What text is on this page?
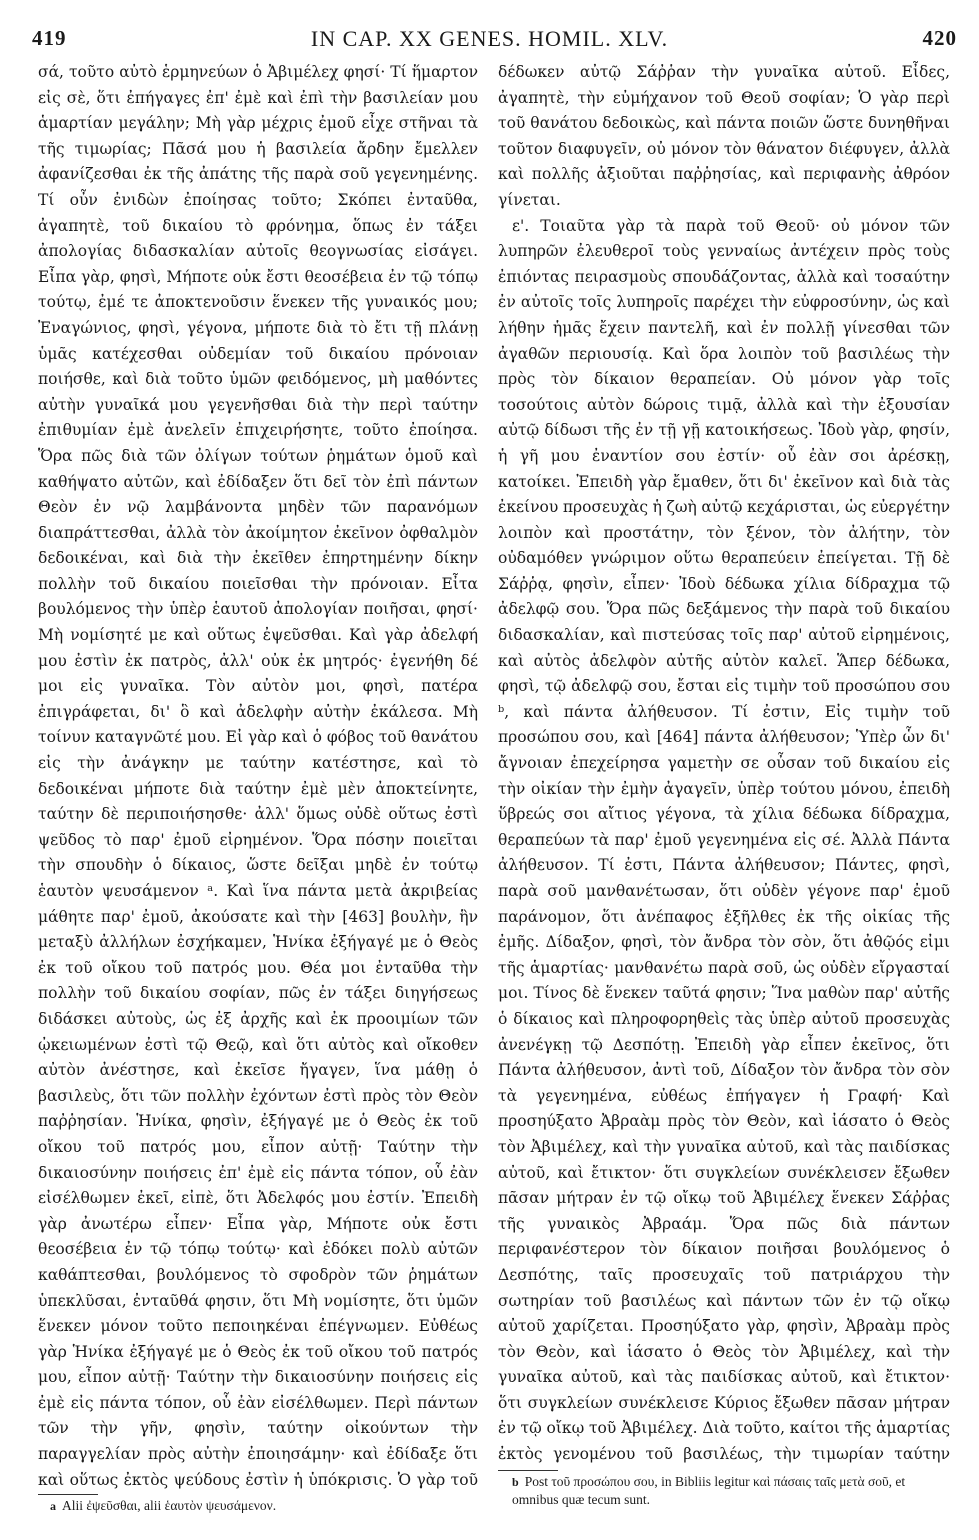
419	IN CAP. XX GENES. HOMIL. XLV.	420

σά, τοῦτο αὐτὸ ἑρμηνεύων ὁ Ἀβιμέλεχ φησί· Τί ἥμαρτον εἰς σὲ, ὅτι ἐπήγαγες ἐπ' ἐμὲ καὶ ἐπὶ τὴν βασιλείαν μου ἁμαρτίαν μεγάλην; Μὴ γὰρ μέχρις ἐμοῦ εἶχε στῆναι τὰ τῆς τιμωρίας; Πᾶσά μου ἡ βασιλεία ἄρδην ἔμελλεν ἀφανίζεσθαι ἐκ τῆς ἀπάτης τῆς παρὰ σοῦ γεγενημένης. Τί οὖν ἐνιδὼν ἐποίησας τοῦτο; Σκόπει ἐνταῦθα, ἀγαπητὲ, τοῦ δικαίου τὸ φρόνημα, ὅπως ἐν τάξει ἀπολογίας διδασκαλίαν αὐτοῖς θεογνωσίας εἰσάγει. Εἶπα γὰρ, φησὶ, Μήποτε οὐκ ἔστι θεοσέβεια ἐν τῷ τόπῳ τούτῳ, ἐμέ τε ἀποκτενοῦσιν ἕνεκεν τῆς γυναικός μου; Ἐναγώνιος, φησὶ, γέγονα, μήποτε διὰ τὸ ἔτι τῇ πλάνῃ ὑμᾶς κατέχεσθαι οὐδεμίαν τοῦ δικαίου πρόνοιαν ποιήσθε, καὶ διὰ τοῦτο ὑμῶν φειδόμενος, μὴ μαθόντες αὐτὴν γυναῖκά μου γεγενῆσθαι διὰ τὴν περὶ ταύτην ἐπιθυμίαν ἐμὲ ἀνελεῖν ἐπιχειρήσητε, τοῦτο ἐποίησα. Ὅρα πῶς διὰ τῶν ὀλίγων τούτων ῥημάτων ὁμοῦ καὶ καθήψατο αὐτῶν, καὶ ἐδίδαξεν ὅτι δεῖ τὸν ἐπὶ πάντων Θεὸν ἐν νῷ λαμβάνοντα μηδὲν τῶν παρανόμων διαπράττεσθαι, ἀλλὰ τὸν ἀκοίμητον ἐκεῖνον ὀφθαλμὸν δεδοικέναι, καὶ διὰ τὴν ἐκεῖθεν ἐπηρτημένην δίκην πολλὴν τοῦ δικαίου ποιεῖσθαι τὴν πρόνοιαν. Εἶτα βουλόμενος τὴν ὑπὲρ ἑαυτοῦ ἀπολογίαν ποιῆσαι, φησί· Μὴ νομίσητέ με καὶ οὕτως ἐψεῦσθαι. Καὶ γὰρ ἀδελφή μου ἐστὶν ἐκ πατρὸς, ἀλλ' οὐκ ἐκ μητρός· ἐγενήθη δέ μοι εἰς γυναῖκα. Τὸν αὐτὸν μοι, φησὶ, πατέρα ἐπιγράφεται, δι' ὃ καὶ ἀδελφὴν αὐτὴν ἐκάλεσα. Μὴ τοίνυν καταγνῶτέ μου. Εἰ γὰρ καὶ ὁ φόβος τοῦ θανάτου εἰς τὴν ἀνάγκην με ταύτην κατέστησε, καὶ τὸ δεδοικέναι μήποτε διὰ ταύτην ἐμὲ μὲν ἀποκτείνητε, ταύτην δὲ περιποιήσησθε· ἀλλ' ὅμως οὐδὲ οὕτως ἐστὶ ψεῦδος τὸ παρ' ἐμοῦ εἰρημένον. Ὅρα πόσην ποιεῖται τὴν σπουδὴν ὁ δίκαιος, ὥστε δεῖξαι μηδὲ ἐν τούτῳ ἑαυτὸν ψευσάμενον ᵃ. Καὶ ἵνα πάντα μετὰ ἀκριβείας μάθητε παρ' ἐμοῦ, ἀκούσατε καὶ τὴν [463] βουλὴν, ἣν μεταξὺ ἀλλήλων ἐσχήκαμεν, Ἡνίκα ἐξήγαγέ με ὁ Θεὸς ἐκ τοῦ οἴκου τοῦ πατρός μου. Θέα μοι ἐνταῦθα τὴν πολλὴν τοῦ δικαίου σοφίαν, πῶς ἐν τάξει διηγήσεως διδάσκει αὐτοὺς, ὡς ἐξ ἀρχῆς καὶ ἐκ προοιμίων τῶν ᾠκειωμένων ἐστὶ τῷ Θεῷ, καὶ ὅτι αὐτὸς καὶ οἴκοθεν αὐτὸν ἀνέστησε, καὶ ἐκεῖσε ἤγαγεν, ἵνα μάθῃ ὁ βασιλεὺς, ὅτι τῶν πολλὴν ἐχόντων ἐστὶ πρὸς τὸν Θεὸν παῤῥησίαν. Ἡνίκα, φησὶν, ἐξήγαγέ με ὁ Θεὸς ἐκ τοῦ οἴκου τοῦ πατρός μου, εἶπον αὐτῇ· Ταύτην τὴν δικαιοσύνην ποιήσεις ἐπ' ἐμὲ εἰς πάντα τόπον, οὗ ἐὰν εἰσέλθωμεν ἐκεῖ, εἰπὲ, ὅτι Ἀδελφός μου ἐστίν. Ἐπειδὴ γὰρ ἀνωτέρω εἶπεν· Εἶπα γὰρ, Μήποτε οὐκ ἔστι θεοσέβεια ἐν τῷ τόπῳ τούτῳ· καὶ ἐδόκει πολὺ αὐτῶν καθάπτεσθαι, βουλόμενος τὸ σφοδρὸν τῶν ῥημάτων ὑπεκλῦσαι, ἐνταῦθά φησιν, ὅτι Μὴ νομίσητε, ὅτι ὑμῶν ἕνεκεν μόνον τοῦτο πεποιηκέναι ἐπέγνωμεν. Εὐθέως γὰρ Ἡνίκα ἐξήγαγέ με ὁ Θεὸς ἐκ τοῦ οἴκου τοῦ πατρός μου, εἶπον αὐτῇ· Ταύτην τὴν δικαιοσύνην ποιήσεις εἰς ἐμὲ εἰς πάντα τόπον, οὗ ἐὰν εἰσέλθωμεν. Περὶ πάντων τῶν τὴν γῆν, φησὶν, ταύτην οἰκούντων τὴν παραγγελίαν πρὸς αὐτὴν ἐποιησάμην· καὶ ἐδίδαξε ὅτι καὶ οὕτως ἐκτὸς ψεύδους ἐστὶν ἡ ὑπόκρισις. Ὁ γὰρ τοῦ

δέδωκεν αὐτῷ Σάῤῥαν τὴν γυναῖκα αὐτοῦ. Εἶδες, ἀγαπητὲ, τὴν εὐμήχανον τοῦ Θεοῦ σοφίαν; Ὁ γὰρ περὶ τοῦ θανάτου δεδοικὼς, καὶ πάντα ποιῶν ὥστε δυνηθῆναι τοῦτον διαφυγεῖν, οὐ μόνον τὸν θάνατον διέφυγεν, ἀλλὰ καὶ πολλῆς ἀξιοῦται παῤῥησίας, καὶ περιφανὴς ἀθρόον γίνεται.

ε'. Τοιαῦτα γὰρ τὰ παρὰ τοῦ Θεοῦ· οὐ μόνον τῶν λυπηρῶν ἐλευθεροῖ τοὺς γενναίως ἀντέχειν πρὸς τοὺς ἐπιόντας πειρασμοὺς σπουδάζοντας, ἀλλὰ καὶ τοσαύτην ἐν αὐτοῖς τοῖς λυπηροῖς παρέχει τὴν εὐφροσύνην, ὡς καὶ λήθην ἡμᾶς ἔχειν παντελῆ, καὶ ἐν πολλῇ γίνεσθαι τῶν ἀγαθῶν περιουσίᾳ. Καὶ ὅρα λοιπὸν τοῦ βασιλέως τὴν πρὸς τὸν δίκαιον θεραπείαν. Οὐ μόνον γὰρ τοῖς τοσούτοις αὐτὸν δώροις τιμᾷ, ἀλλὰ καὶ τὴν ἐξουσίαν αὐτῷ δίδωσι τῆς ἐν τῇ γῇ κατοικήσεως. Ἰδοὺ γὰρ, φησίν, ἡ γῆ μου ἐναντίον σου ἐστίν· οὗ ἐὰν σοι ἀρέσκῃ, κατοίκει. Ἐπειδὴ γὰρ ἔμαθεν, ὅτι δι' ἐκεῖνον καὶ διὰ τὰς ἐκείνου προσευχὰς ἡ ζωὴ αὐτῷ κεχάρισται, ὡς εὐεργέτην λοιπὸν καὶ προστάτην, τὸν ξένον, τὸν ἀλήτην, τὸν οὐδαμόθεν γνώριμον οὕτω θεραπεύειν ἐπείγεται. Τῇ δὲ Σάῤῥᾳ, φησὶν, εἶπεν· Ἰδοὺ δέδωκα χίλια δίδραχμα τῷ ἀδελφῷ σου. Ὅρα πῶς δεξάμενος τὴν παρὰ τοῦ δικαίου διδασκαλίαν, καὶ πιστεύσας τοῖς παρ' αὐτοῦ εἰρημένοις, καὶ αὐτὸς ἀδελφὸν αὐτῆς αὐτὸν καλεῖ. Ἅπερ δέδωκα, φησὶ, τῷ ἀδελφῷ σου, ἔσται εἰς τιμὴν τοῦ προσώπου σου ᵇ, καὶ πάντα ἀλήθευσον. Τί ἐστιν, Εἰς τιμὴν τοῦ προσώπου σου, καὶ [464] πάντα ἀλήθευσον; Ὑπὲρ ὧν δι' ἄγνοιαν ἐπεχείρησα γαμετὴν σε οὖσαν τοῦ δικαίου εἰς τὴν οἰκίαν τὴν ἐμὴν ἀγαγεῖν, ὑπὲρ τούτου μόνου, ἐπειδὴ ὕβρεώς σοι αἴτιος γέγονα, τὰ χίλια δέδωκα δίδραχμα, θεραπεύων τὰ παρ' ἐμοῦ γεγενημένα εἰς σέ. Ἀλλὰ Πάντα ἀλήθευσον. Τί ἐστι, Πάντα ἀλήθευσον; Πάντες, φησὶ, παρὰ σοῦ μανθανέτωσαν, ὅτι οὐδὲν γέγονε παρ' ἐμοῦ παράνομον, ὅτι ἀνέπαφος ἐξῆλθες ἐκ τῆς οἰκίας τῆς ἐμῆς. Δίδαξον, φησὶ, τὸν ἄνδρα τὸν σὸν, ὅτι ἀθῷός εἰμι τῆς ἁμαρτίας· μανθανέτω παρὰ σοῦ, ὡς οὐδὲν εἴργασταί μοι. Τίνος δὲ ἕνεκεν ταῦτά φησιν; Ἵνα μαθὼν παρ' αὐτῆς ὁ δίκαιος καὶ πληροφορηθεὶς τὰς ὑπὲρ αὐτοῦ προσευχὰς ἀνενέγκῃ τῷ Δεσπότῃ. Ἐπειδὴ γὰρ εἶπεν ἐκεῖνος, ὅτι Πάντα ἀλήθευσον, ἀντὶ τοῦ, Δίδαξον τὸν ἄνδρα τὸν σὸν τὰ γεγενημένα, εὐθέως ἐπήγαγεν ἡ Γραφή· Καὶ προσηύξατο Ἀβραὰμ πρὸς τὸν Θεὸν, καὶ ἰάσατο ὁ Θεὸς τὸν Ἀβιμέλεχ, καὶ τὴν γυναῖκα αὐτοῦ, καὶ τὰς παιδίσκας αὐτοῦ, καὶ ἔτικτον· ὅτι συγκλείων συνέκλεισεν ἔξωθεν πᾶσαν μήτραν ἐν τῷ οἴκῳ τοῦ Ἀβιμέλεχ ἕνεκεν Σάῤῥας τῆς γυναικὸς Ἀβραάμ. Ὅρα πῶς διὰ πάντων περιφανέστερον τὸν δίκαιον ποιῆσαι βουλόμενος ὁ Δεσπότης, ταῖς προσευχαῖς τοῦ πατριάρχου τὴν σωτηρίαν τοῦ βασιλέως καὶ πάντων τῶν ἐν τῷ οἴκῳ αὐτοῦ χαρίζεται. Προσηύξατο γὰρ, φησὶν, Ἀβραὰμ πρὸς τὸν Θεὸν, καὶ ἰάσατο ὁ Θεὸς τὸν Ἀβιμέλεχ, καὶ τὴν γυναῖκα αὐτοῦ, καὶ τὰς παιδίσκας αὐτοῦ, καὶ ἔτικτον· ὅτι συγκλείων συνέκλεισε Κύριος ἔξωθεν πᾶσαν μήτραν ἐν τῷ οἴκῳ τοῦ Ἀβιμέλεχ. Διὰ τοῦτο, καίτοι τῆς ἁμαρτίας ἐκτὸς γενομένου τοῦ βασιλέως, τὴν τιμωρίαν ταύτην

a Alii ἐψεῦσθαι, alii ἑαυτὸν ψευσάμενον.
b Post τοῦ προσώπου σου, in Bibliis legitur καὶ πάσαις ταῖς μετὰ σοῦ, et omnibus quæ tecum sunt.
